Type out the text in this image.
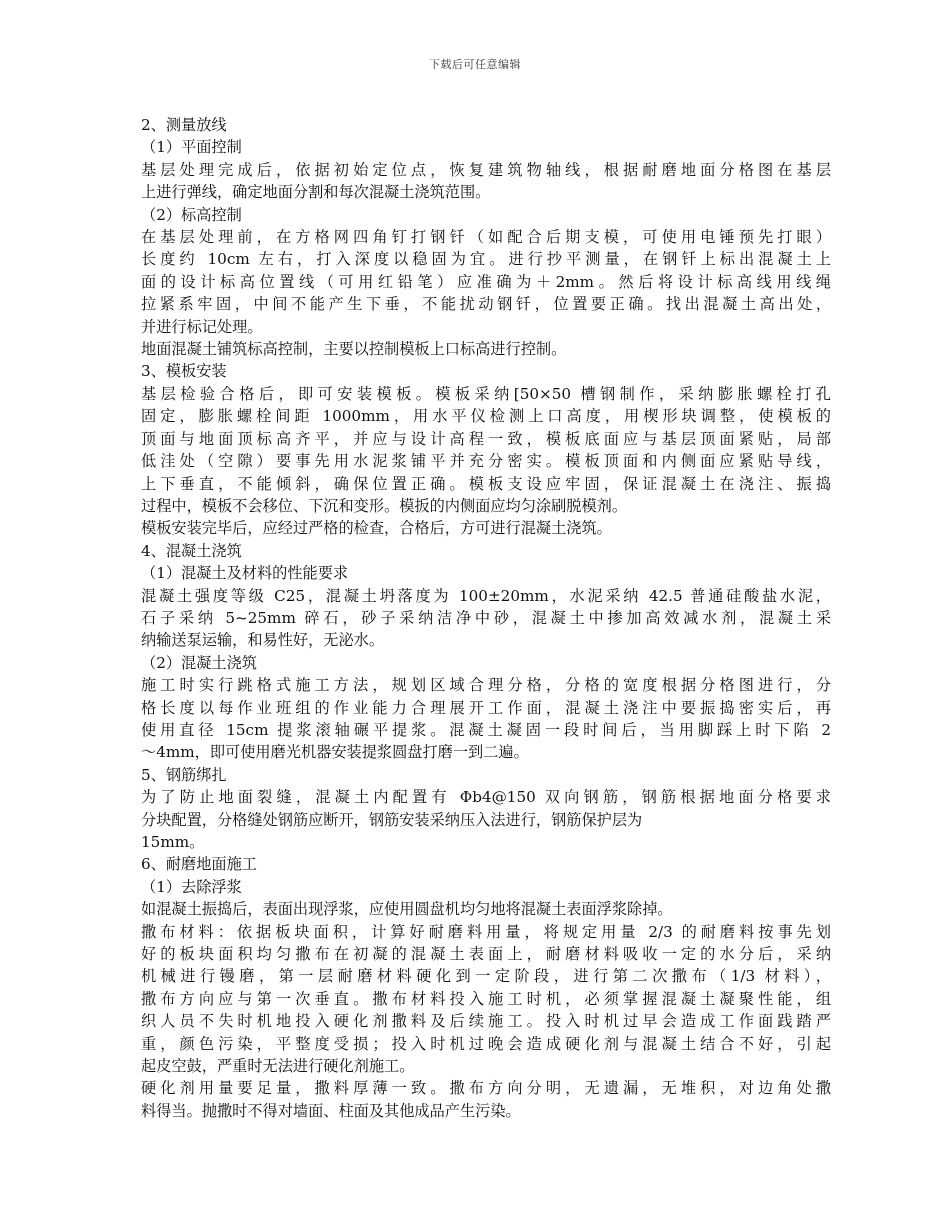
下载后可任意编辑
2、测量放线
（1）平面控制
基层处理完成后，依据初始定位点，恢复建筑物轴线，根据耐磨地面分格图在基层
上进行弹线，确定地面分割和每次混凝土浇筑范围。
（2）标高控制
在基层处理前，在方格网四角钉打钢钎（如配合后期支模，可使用电锤预先打眼）
长度约 10cm 左右，打入深度以稳固为宜。进行抄平测量，在钢钎上标出混凝土上
面的设计标高位置线（可用红铅笔）应准确为＋2mm。然后将设计标高线用线绳
拉紧系牢固，中间不能产生下垂，不能扰动钢钎，位置要正确。找出混凝土高出处，
并进行标记处理。
地面混凝土铺筑标高控制，主要以控制模板上口标高进行控制。
3、模板安装
基层检验合格后，即可安装模板。模板采纳[50×50 槽钢制作，采纳膨胀螺栓打孔
固定，膨胀螺栓间距 1000mm，用水平仪检测上口高度，用楔形块调整，使模板的
顶面与地面顶标高齐平，并应与设计高程一致，模板底面应与基层顶面紧贴，局部
低洼处（空隙）要事先用水泥浆铺平并充分密实。模板顶面和内侧面应紧贴导线，
上下垂直，不能倾斜，确保位置正确。模板支设应牢固，保证混凝土在浇注、振捣
过程中，模板不会移位、下沉和变形。模扳的内侧面应均匀涂刷脱模剂。
模板安装完毕后，应经过严格的检查，合格后，方可进行混凝土浇筑。
4、混凝土浇筑
（1）混凝土及材料的性能要求
混凝土强度等级 C25，混凝土坍落度为 100±20mm，水泥采纳 42.5 普通硅酸盐水泥，
石子采纳 5~25mm 碎石，砂子采纳洁净中砂，混凝土中掺加高效减水剂，混凝土采
纳输送泵运输，和易性好，无泌水。
（2）混凝土浇筑
施工时实行跳格式施工方法，规划区域合理分格，分格的宽度根据分格图进行，分
格长度以每作业班组的作业能力合理展开工作面，混凝土浇注中要振捣密实后，再
使用直径 15cm 提浆滚轴碾平提浆。混凝土凝固一段时间后，当用脚踩上时下陷 2
～4mm，即可使用磨光机器安装提浆圆盘打磨一到二遍。
5、钢筋绑扎
为了防止地面裂缝，混凝土内配置有 Φb4@150 双向钢筋，钢筋根据地面分格要求
分块配置，分格缝处钢筋应断开，钢筋安装采纳压入法进行，钢筋保护层为
15mm。
6、耐磨地面施工
（1）去除浮浆
如混凝土振捣后，表面出现浮浆，应使用圆盘机均匀地将混凝土表面浮浆除掉。
撒布材料：依据板块面积，计算好耐磨料用量，将规定用量 2/3 的耐磨料按事先划
好的板块面积均匀撒布在初凝的混凝土表面上，耐磨材料吸收一定的水分后，采纳
机械进行镘磨，第一层耐磨材料硬化到一定阶段，进行第二次撒布（1/3 材料），
撒布方向应与第一次垂直。撒布材料投入施工时机，必须掌握混凝土凝聚性能，组
织人员不失时机地投入硬化剂撒料及后续施工。投入时机过早会造成工作面践踏严
重，颜色污染，平整度受损；投入时机过晚会造成硬化剂与混凝土结合不好，引起
起皮空鼓，严重时无法进行硬化剂施工。
硬化剂用量要足量，撒料厚薄一致。撒布方向分明，无遗漏，无堆积，对边角处撒
料得当。抛撒时不得对墙面、柱面及其他成品产生污染。
